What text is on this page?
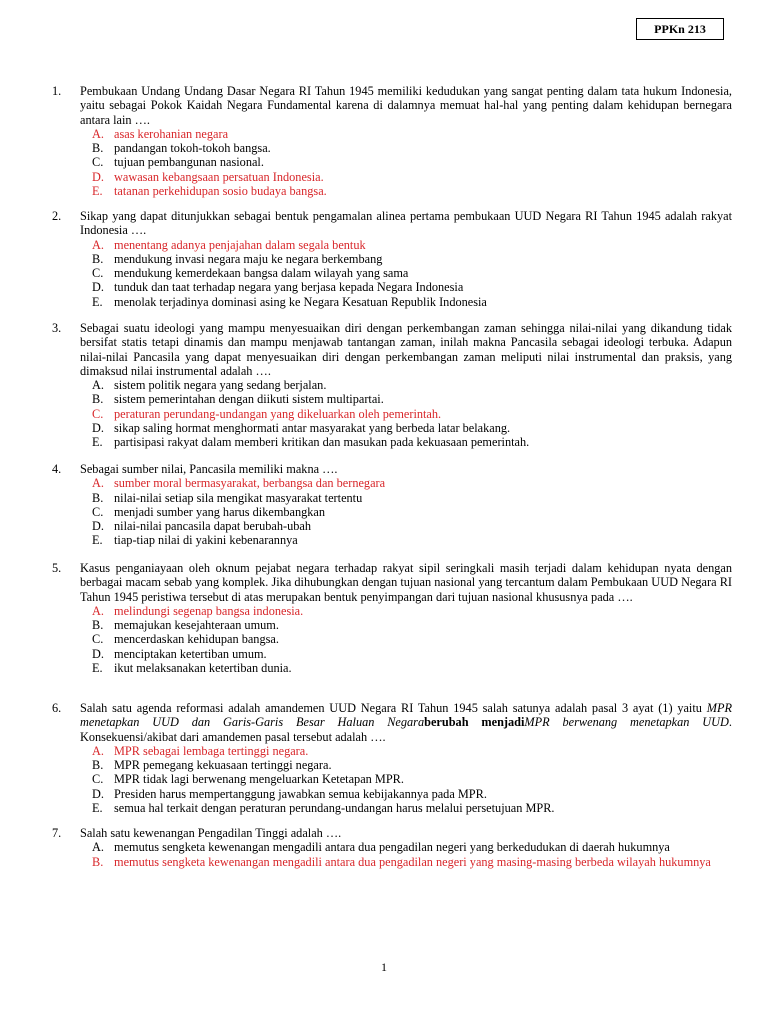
PPKn 213
1. Pembukaan Undang Undang Dasar Negara RI Tahun 1945 memiliki kedudukan yang sangat penting dalam tata hukum Indonesia, yaitu sebagai Pokok Kaidah Negara Fundamental karena di dalamnya memuat hal-hal yang penting dalam kehidupan bernegara antara lain ….
A. asas kerohanian negara
B. pandangan tokoh-tokoh bangsa.
C. tujuan pembangunan nasional.
D. wawasan kebangsaan persatuan Indonesia.
E. tatanan perkehidupan sosio budaya bangsa.
2. Sikap yang dapat ditunjukkan sebagai bentuk pengamalan alinea pertama pembukaan UUD Negara RI Tahun 1945 adalah rakyat Indonesia ….
A. menentang adanya penjajahan dalam segala bentuk
B. mendukung invasi negara maju ke negara berkembang
C. mendukung kemerdekaan bangsa dalam wilayah yang sama
D. tunduk dan taat terhadap negara yang berjasa kepada Negara Indonesia
E. menolak terjadinya dominasi asing ke Negara Kesatuan Republik Indonesia
3. Sebagai suatu ideologi yang mampu menyesuaikan diri dengan perkembangan zaman sehingga nilai-nilai yang dikandung tidak bersifat statis tetapi dinamis dan mampu menjawab tantangan zaman, inilah makna Pancasila sebagai ideologi terbuka. Adapun nilai-nilai Pancasila yang dapat menyesuaikan diri dengan perkembangan zaman meliputi nilai instrumental dan praksis, yang dimaksud nilai instrumental adalah ….
A. sistem politik negara yang sedang berjalan.
B. sistem pemerintahan dengan diikuti sistem multipartai.
C. peraturan perundang-undangan yang dikeluarkan oleh pemerintah.
D. sikap saling hormat menghormati antar masyarakat yang berbeda latar belakang.
E. partisipasi rakyat dalam memberi kritikan dan masukan pada kekuasaan pemerintah.
4. Sebagai sumber nilai, Pancasila memiliki makna ….
A. sumber moral bermasyarakat, berbangsa dan bernegara
B. nilai-nilai setiap sila mengikat masyarakat tertentu
C. menjadi sumber yang harus dikembangkan
D. nilai-nilai pancasila dapat berubah-ubah
E. tiap-tiap nilai di yakini kebenarannya
5. Kasus penganiayaan oleh oknum pejabat negara terhadap rakyat sipil seringkali masih terjadi dalam kehidupan nyata dengan berbagai macam sebab yang komplek. Jika dihubungkan dengan tujuan nasional yang tercantum dalam Pembukaan UUD Negara RI Tahun 1945 peristiwa tersebut di atas merupakan bentuk penyimpangan dari tujuan nasional khususnya pada ….
A. melindungi segenap bangsa indonesia.
B. memajukan kesejahteraan umum.
C. mencerdaskan kehidupan bangsa.
D. menciptakan ketertiban umum.
E. ikut melaksanakan ketertiban dunia.
6. Salah satu agenda reformasi adalah amandemen UUD Negara RI Tahun 1945 salah satunya adalah pasal 3 ayat (1) yaitu MPR menetapkan UUD dan Garis-Garis Besar Haluan Negaraberubah menjadiMPR berwenang menetapkan UUD. Konsekuensi/akibat dari amandemen pasal tersebut adalah ….
A. MPR sebagai lembaga tertinggi negara.
B. MPR pemegang kekuasaan tertinggi negara.
C. MPR tidak lagi berwenang mengeluarkan Ketetapan MPR.
D. Presiden harus mempertanggung jawabkan semua kebijakannya pada MPR.
E. semua hal terkait dengan peraturan perundang-undangan harus melalui persetujuan MPR.
7. Salah satu kewenangan Pengadilan Tinggi adalah ….
A. memutus sengketa kewenangan mengadili antara dua pengadilan negeri yang berkedudukan di daerah hukumnya
B. memutus sengketa kewenangan mengadili antara dua pengadilan negeri yang masing-masing berbeda wilayah hukumnya
1
